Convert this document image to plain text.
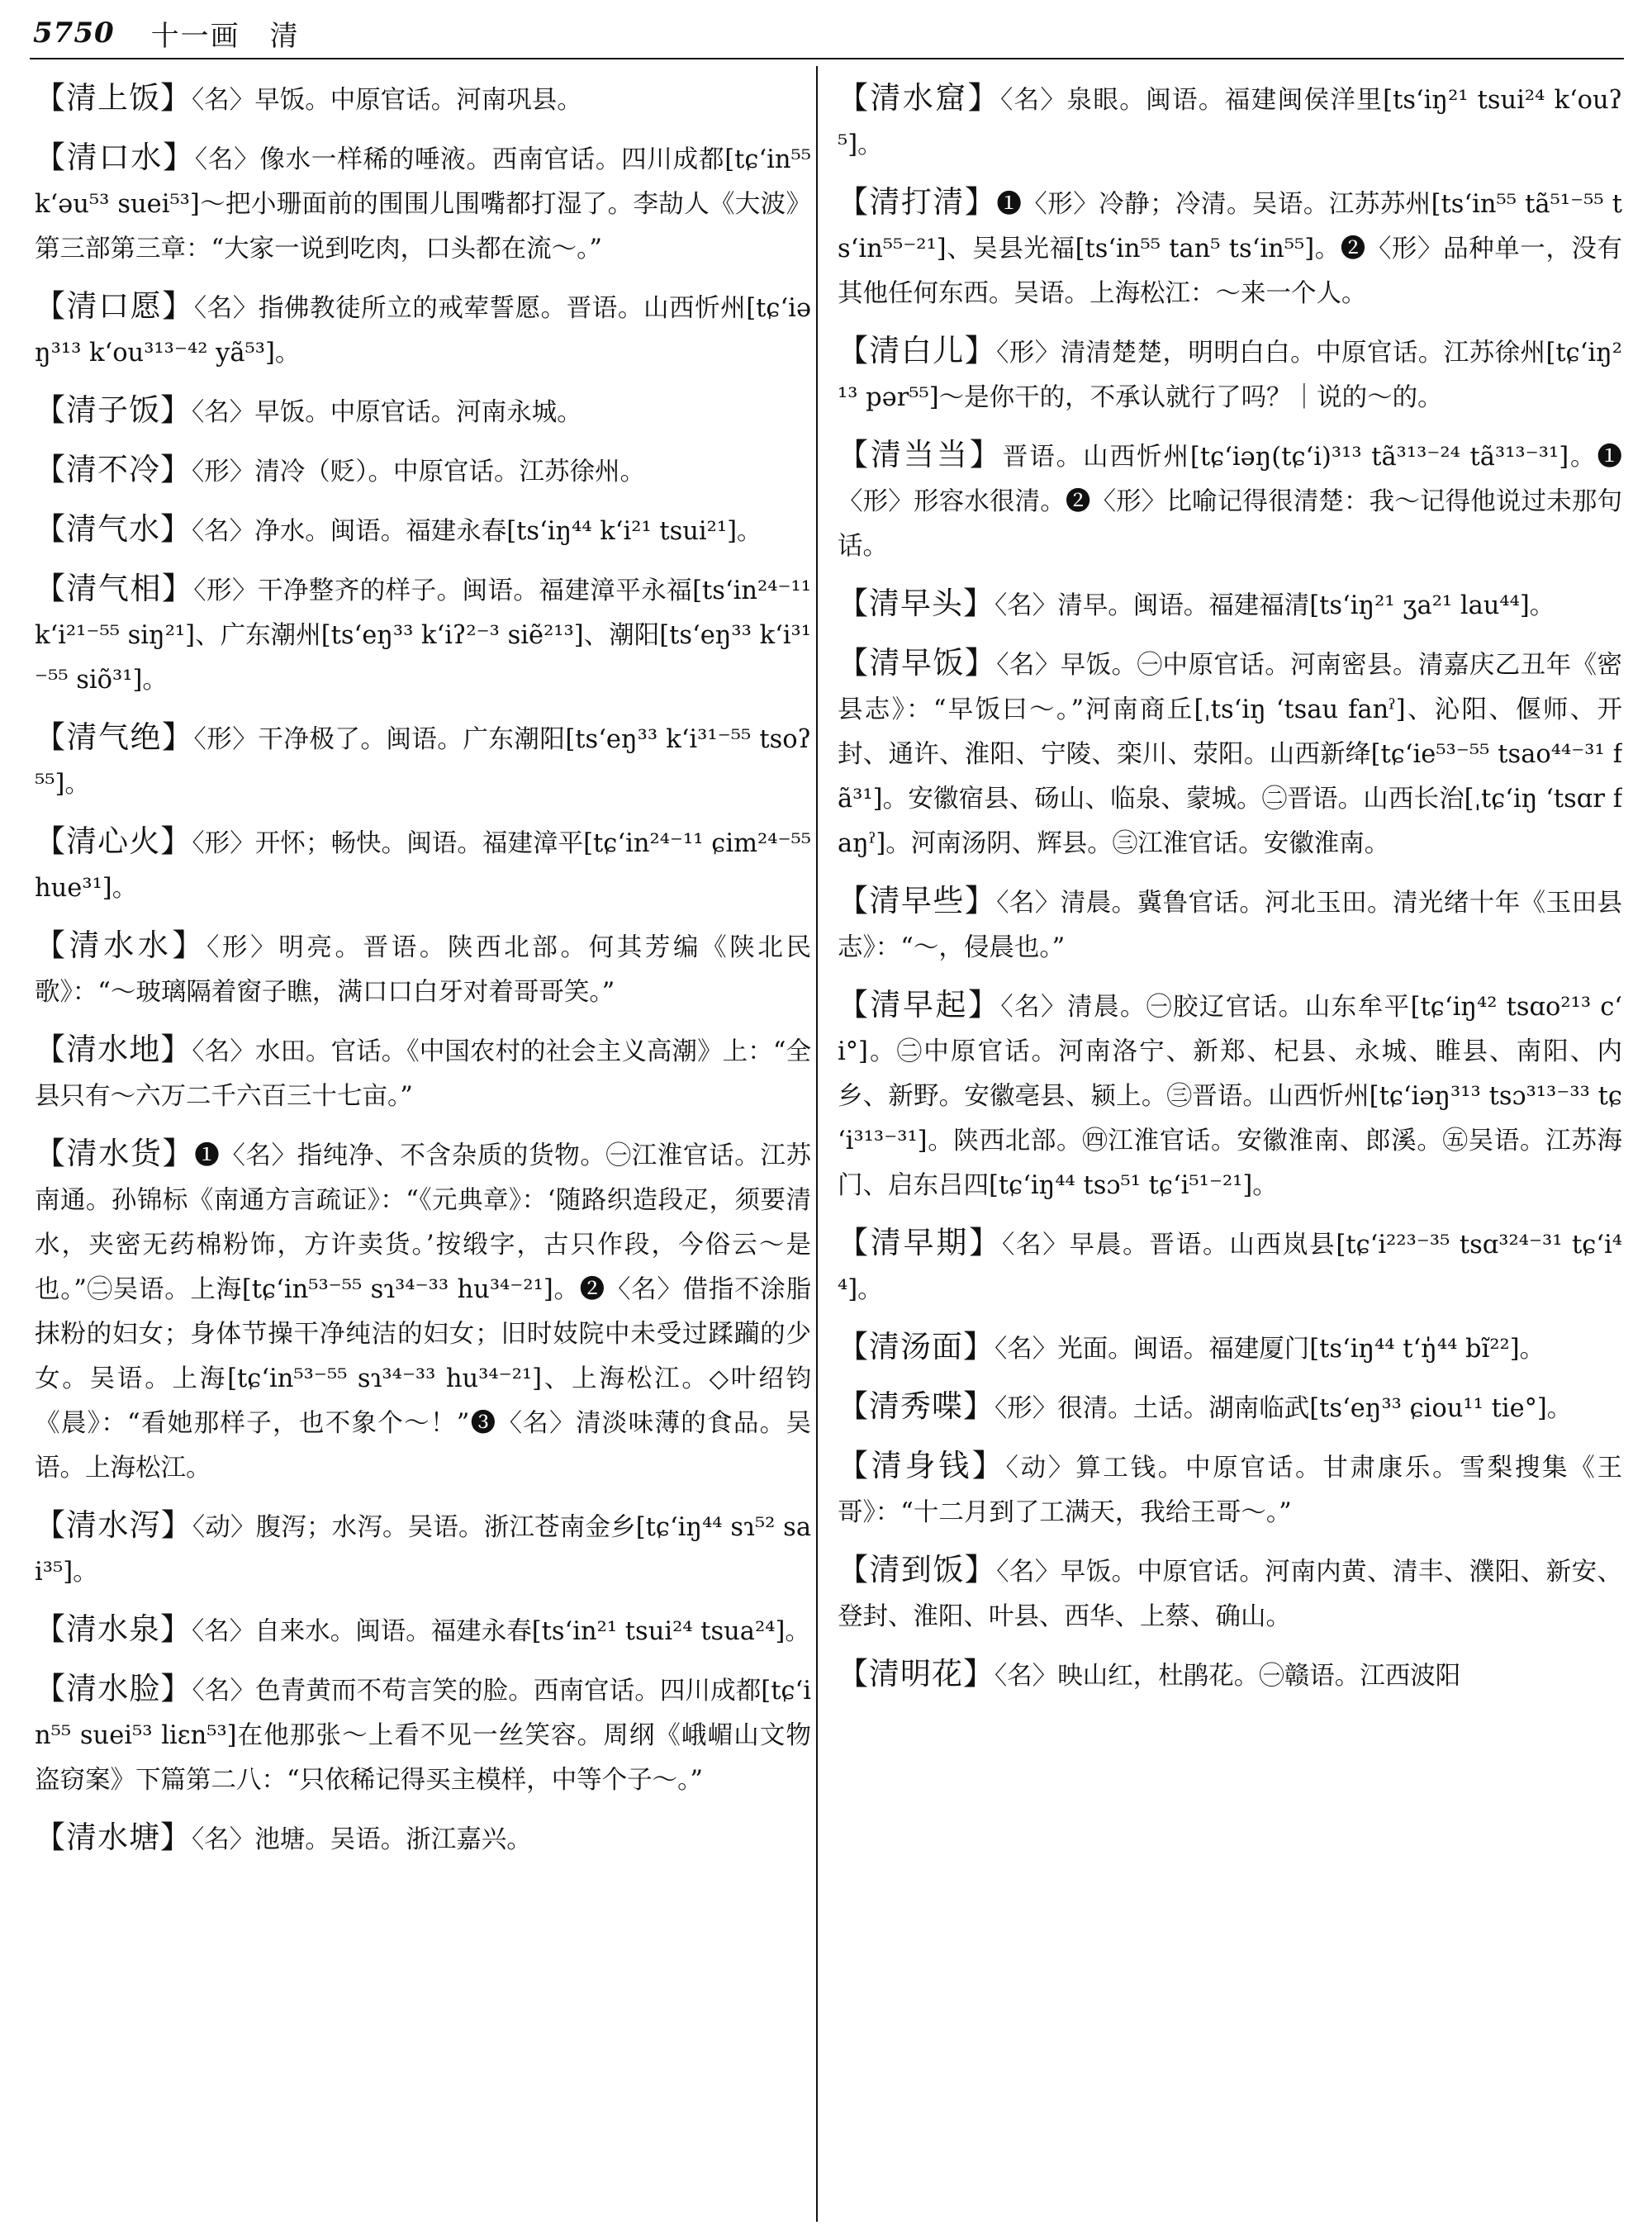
5750 十一画　清
【清上饭】〈名〉早饭。中原官话。河南巩县。
【清口水】〈名〉像水一样稀的唾液。西南官话。四川成都[tɕʻin⁵⁵ kʻəu⁵³ suei⁵³]～把小珊面前的围围儿围嘴都打湿了。李劼人《大波》第三部第三章：“大家一说到吃肉，口头都在流～。”
【清口愿】〈名〉指佛教徒所立的戒荤誓愿。晋语。山西忻州[tɕʻiəŋ³¹³ kʻou³¹³⁻⁴² yã⁵³]。
【清子饭】〈名〉早饭。中原官话。河南永城。
【清不冷】〈形〉清冷（贬）。中原官话。江苏徐州。
【清气水】〈名〉净水。闽语。福建永春[tsʻiŋ⁴⁴ kʻi²¹ tsui²¹]。
【清气相】〈形〉干净整齐的样子。闽语。福建漳平永福[tsʻin²⁴⁻¹¹ kʻi²¹⁻⁵⁵ siŋ²¹]、广东潮州[tsʻeŋ³³ kʻiʔ²⁻³ siẽ²¹³]、潮阳[tsʻeŋ³³ kʻi³¹⁻⁵⁵ siõ³¹]。
【清气绝】〈形〉干净极了。闽语。广东潮阳[tsʻeŋ³³ kʻi³¹⁻⁵⁵ tsoʔ⁵⁵]。
【清心火】〈形〉开怀；畅快。闽语。福建漳平[tɕʻin²⁴⁻¹¹ ɕim²⁴⁻⁵⁵ hue³¹]。
【清水水】〈形〉明亮。晋语。陕西北部。何其芳编《陕北民歌》：“～玻璃隔着窗子瞧，满口口白牙对着哥哥笑。”
【清水地】〈名〉水田。官话。《中国农村的社会主义高潮》上：“全县只有～六万二千六百三十七亩。”
【清水货】❶〈名〉指纯净、不含杂质的货物。㊀江淮官话。江苏南通。孙锦标《南通方言疏证》：“《元典章》：‘随路织造段疋，须要清水，夹密无药棉粉饰，方许卖货。’按缎字，古只作段，今俗云～是也。”㊁吴语。上海[tɕʻin⁵³⁻⁵⁵ sɿ³⁴⁻³³ hu³⁴⁻²¹]。❷〈名〉借指不涂脂抹粉的妇女；身体节操干净纯洁的妇女；旧时妓院中未受过蹂躏的少女。吴语。上海[tɕʻin⁵³⁻⁵⁵ sɿ³⁴⁻³³ hu³⁴⁻²¹]、上海松江。◇叶绍钧《晨》：“看她那样子，也不象个～！”❸〈名〉清淡味薄的食品。吴语。上海松江。
【清水泻】〈动〉腹泻；水泻。吴语。浙江苍南金乡[tɕʻiŋ⁴⁴ sɿ⁵² sai³⁵]。
【清水泉】〈名〉自来水。闽语。福建永春[tsʻin²¹ tsui²⁴ tsua²⁴]。
【清水脸】〈名〉色青黄而不苟言笑的脸。西南官话。四川成都[tɕʻin⁵⁵ suei⁵³ liɛn⁵³]在他那张～上看不见一丝笑容。周纲《峨嵋山文物盗窃案》下篇第二八：“只依稀记得买主模样，中等个子～。”
【清水塘】〈名〉池塘。吴语。浙江嘉兴。
【清水窟】〈名〉泉眼。闽语。福建闽侯洋里[tsʻiŋ²¹ tsui²⁴ kʻouʔ⁵]。
【清打清】❶〈形〉冷静；冷清。吴语。江苏苏州[tsʻin⁵⁵ tã⁵¹⁻⁵⁵ tsʻin⁵⁵⁻²¹]、吴县光福[tsʻin⁵⁵ tan⁵ tsʻin⁵⁵]。❷〈形〉品种单一，没有其他任何东西。吴语。上海松江：～来一个人。
【清白儿】〈形〉清清楚楚，明明白白。中原官话。江苏徐州[tɕʻiŋ²¹³ pər⁵⁵]～是你干的，不承认就行了吗？｜说的～的。
【清当当】晋语。山西忻州[tɕʻiəŋ(tɕʻi)³¹³ tã³¹³⁻²⁴ tã³¹³⁻³¹]。❶〈形〉形容水很清。❷〈形〉比喻记得很清楚：我～记得他说过未那句话。
【清早头】〈名〉清早。闽语。福建福清[tsʻiŋ²¹ ʒa²¹ lau⁴⁴]。
【清早饭】〈名〉早饭。㊀中原官话。河南密县。清嘉庆乙丑年《密县志》：“早饭曰～。”河南商丘[ˌtsʻiŋ ʻtsau fanˀ]、沁阳、偃师、开封、通许、淮阳、宁陵、栾川、荥阳。山西新绛[tɕʻie⁵³⁻⁵⁵ tsao⁴⁴⁻³¹ fã³¹]。安徽宿县、砀山、临泉、蒙城。㊁晋语。山西长治[ˌtɕʻiŋ ʻtsɑr faŋˀ]。河南汤阴、辉县。㊂江淮官话。安徽淮南。
【清早些】〈名〉清晨。冀鲁官话。河北玉田。清光绪十年《玉田县志》：“～，侵晨也。”
【清早起】〈名〉清晨。㊀胶辽官话。山东牟平[tɕʻiŋ⁴² tsɑo²¹³ cʻi°]。㊁中原官话。河南洛宁、新郑、杞县、永城、睢县、南阳、内乡、新野。安徽亳县、颍上。㊂晋语。山西忻州[tɕʻiəŋ³¹³ tsɔ³¹³⁻³³ tɕʻi³¹³⁻³¹]。陕西北部。㊃江淮官话。安徽淮南、郎溪。㊄吴语。江苏海门、启东吕四[tɕʻiŋ⁴⁴ tsɔ⁵¹ tɕʻi⁵¹⁻²¹]。
【清早期】〈名〉早晨。晋语。山西岚县[tɕʻi²²³⁻³⁵ tsɑ³²⁴⁻³¹ tɕʻi⁴⁴]。
【清汤面】〈名〉光面。闽语。福建厦门[tsʻiŋ⁴⁴ tʻŋ̍⁴⁴ bĩ²²]。
【清秀喋】〈形〉很清。土话。湖南临武[tsʻeŋ³³ ɕiou¹¹ tie°]。
【清身钱】〈动〉算工钱。中原官话。甘肃康乐。雪梨搜集《王哥》：“十二月到了工满天，我给王哥～。”
【清到饭】〈名〉早饭。中原官话。河南内黄、清丰、濮阳、新安、登封、淮阳、叶县、西华、上蔡、确山。
【清明花】〈名〉映山红，杜鹃花。㊀赣语。江西波阳
